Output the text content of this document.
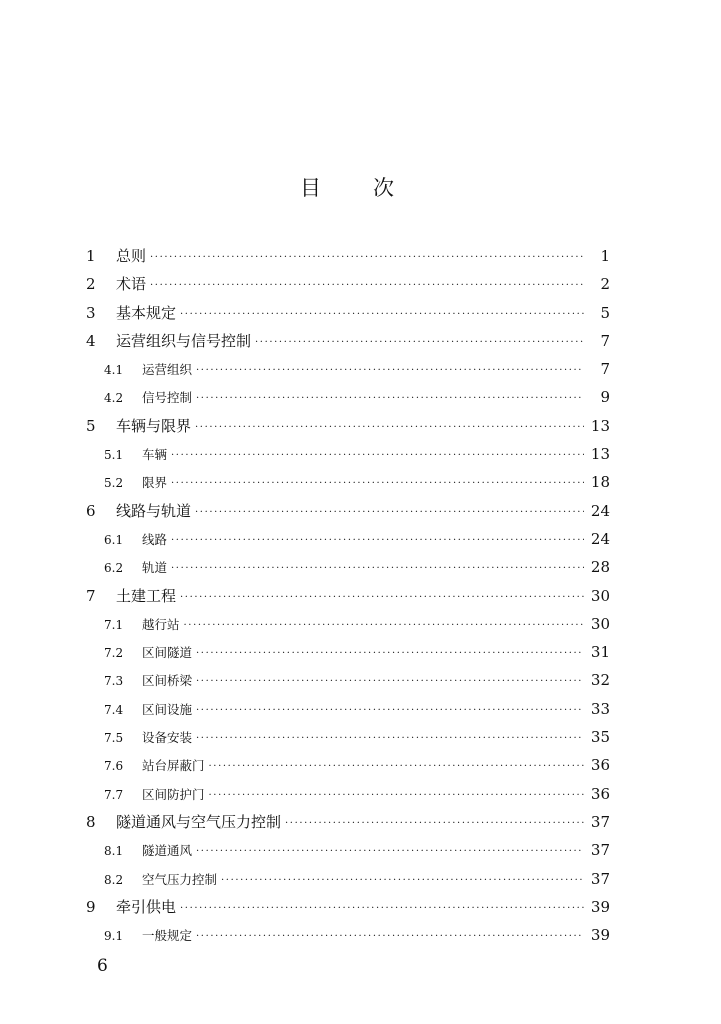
目 次
1	总则 ·····	1
2	术语 ·····	2
3	基本规定 ·····	5
4	运营组织与信号控制 ·····	7
4.1	运营组织 ·····	7
4.2	信号控制 ·····	9
5	车辆与限界 ·····	13
5.1	车辆 ·····	13
5.2	限界 ·····	18
6	线路与轨道 ·····	24
6.1	线路 ·····	24
6.2	轨道 ·····	28
7	土建工程 ·····	30
7.1	越行站 ·····	30
7.2	区间隧道 ·····	31
7.3	区间桥梁 ·····	32
7.4	区间设施 ·····	33
7.5	设备安装 ·····	35
7.6	站台屏蔽门 ·····	36
7.7	区间防护门 ·····	36
8	隧道通风与空气压力控制 ·····	37
8.1	隧道通风 ·····	37
8.2	空气压力控制 ·····	37
9	牵引供电 ·····	39
9.1	一般规定 ·····	39
6
